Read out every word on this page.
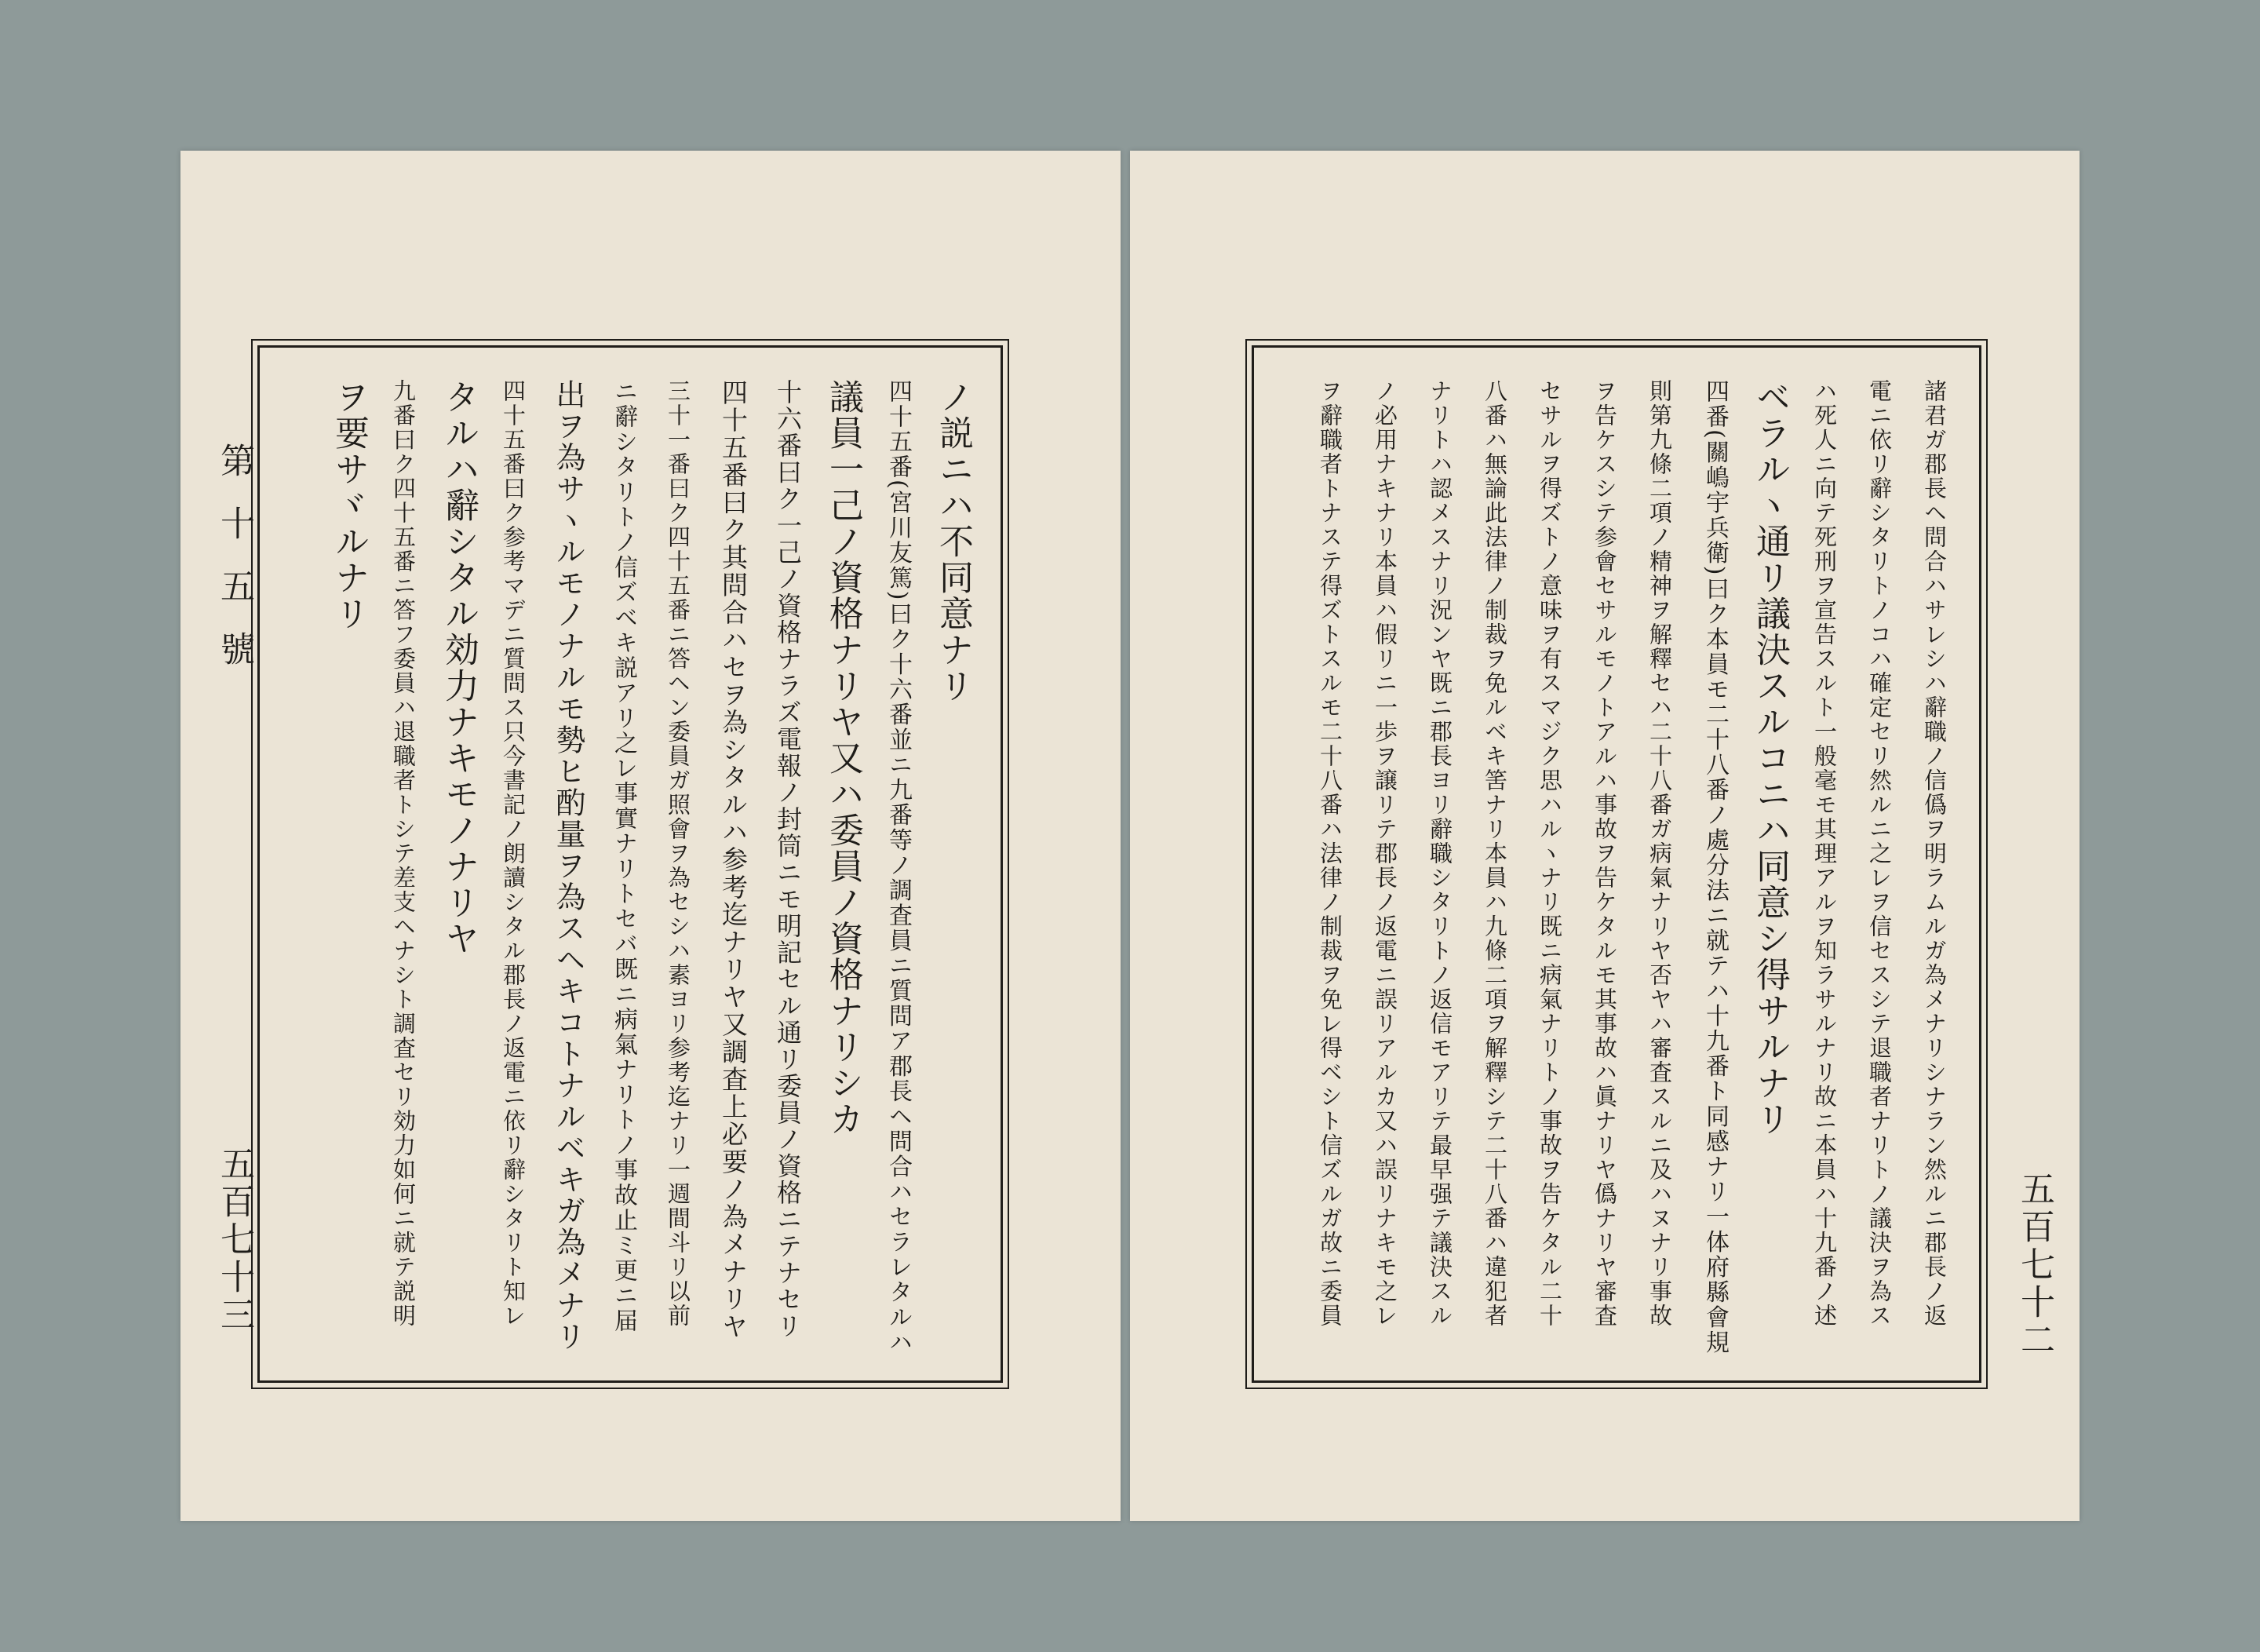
第十五號
五百七十三
ノ説ニハ不同意ナリ
四十五番(宮川友篤)曰ク十六番並ニ九番等ノ調査員ニ質問ア郡長ヘ問合ハセラレタルハ
議員一己ノ資格ナリヤ又ハ委員ノ資格ナリシカ
十六番曰ク一己ノ資格ナラズ電報ノ封筒ニモ明記セル通リ委員ノ資格ニテナセリ
四十五番曰ク其問合ハセヲ為シタルハ参考迄ナリヤ又調査上必要ノ為メナリヤ
三十一番曰ク四十五番ニ答ヘン委員ガ照會ヲ為セシハ素ヨリ参考迄ナリ一週間斗リ以前
ニ辭シタリトノ信ズベキ説アリ之レ事實ナリトセバ既ニ病氣ナリトノ事故止ミ更ニ届
出ヲ為サヽルモノナルモ勢ヒ酌量ヲ為スヘキコトナルベキガ為メナリ
四十五番曰ク参考マデニ質問ス只今書記ノ朗讀シタル郡長ノ返電ニ依リ辭シタリト知レ
タルハ辭シタル効力ナキモノナリヤ
九番曰ク四十五番ニ答フ委員ハ退職者トシテ差支ヘナシト調査セリ効力如何ニ就テ説明
ヲ要サヾルナリ	諸君ガ郡長ヘ問合ハサレシハ辭職ノ信僞ヲ明ラムルガ為メナリシナラン然ルニ郡長ノ返
電ニ依リ辭シタリトノコハ確定セリ然ルニ之レヲ信セスシテ退職者ナリトノ議決ヲ為ス
ハ死人ニ向テ死刑ヲ宣告スルト一般毫モ其理アルヲ知ラサルナリ故ニ本員ハ十九番ノ述
ベラルヽ通リ議決スルコニハ同意シ得サルナリ
四番(關嶋宇兵衛)曰ク本員モ二十八番ノ處分法ニ就テハ十九番ト同感ナリ一体府縣會規
則第九條二項ノ精神ヲ解釋セハ二十八番ガ病氣ナリヤ否ヤハ審査スルニ及ハヌナリ事故
ヲ告ケスシテ参會セサルモノトアルハ事故ヲ告ケタルモ其事故ハ眞ナリヤ僞ナリヤ審査
セサルヲ得ズトノ意味ヲ有スマジク思ハルヽナリ既ニ病氣ナリトノ事故ヲ告ケタル二十
八番ハ無論此法律ノ制裁ヲ免ルベキ筈ナリ本員ハ九條二項ヲ解釋シテ二十八番ハ違犯者
ナリトハ認メスナリ況ンヤ既ニ郡長ヨリ辭職シタリトノ返信モアリテ最早强テ議決スル
ノ必用ナキナリ本員ハ假リニ一歩ヲ譲リテ郡長ノ返電ニ誤リアルカ又ハ誤リナキモ之レ
ヲ辭職者トナステ得ズトスルモ二十八番ハ法律ノ制裁ヲ免レ得ベシト信ズルガ故ニ委員	五百七十二
